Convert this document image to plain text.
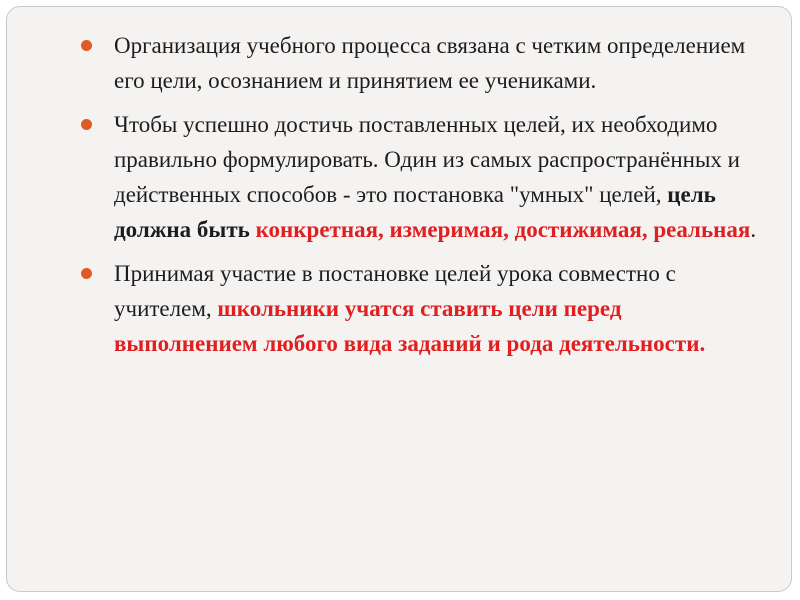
Организация учебного процесса связана с четким определением его цели, осознанием и принятием ее учениками.
Чтобы успешно достичь поставленных целей, их необходимо правильно формулировать. Один из самых распространённых и действенных способов - это постановка "умных" целей, цель должна быть конкретная, измеримая, достижимая, реальная.
Принимая участие в постановке целей урока совместно с учителем, школьники учатся ставить цели перед выполнением любого вида заданий и рода деятельности.
